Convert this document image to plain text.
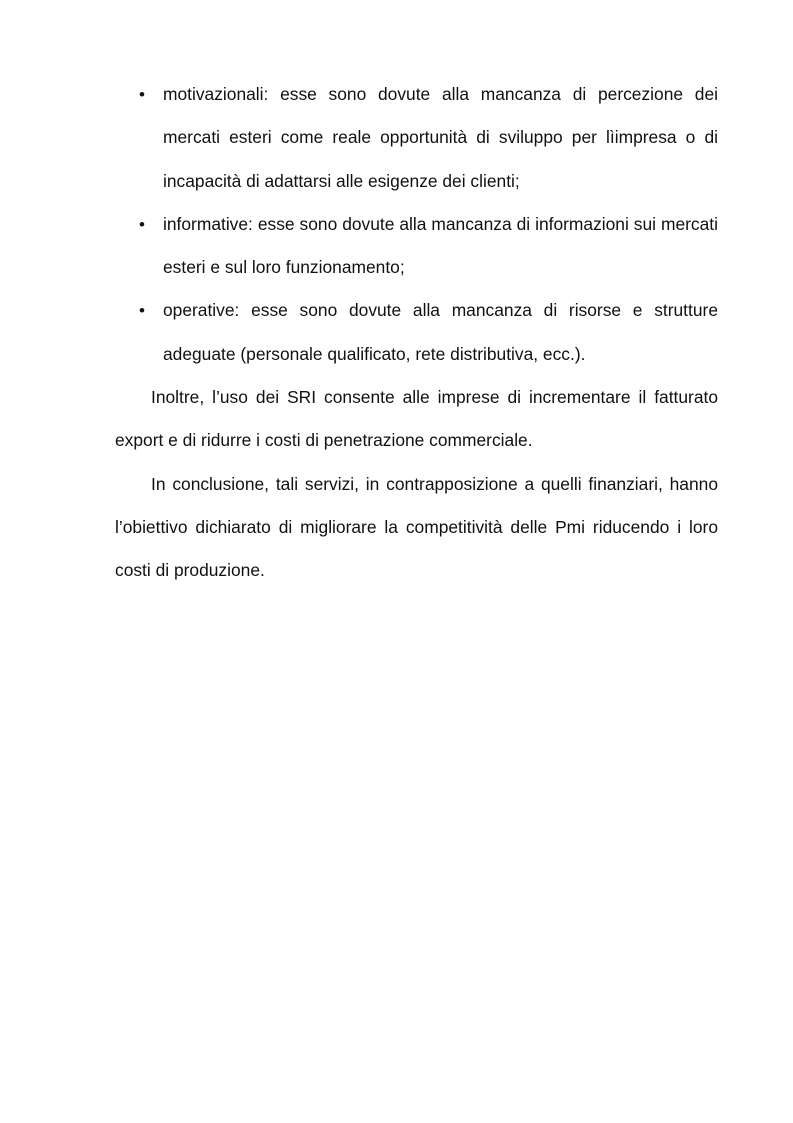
• motivazionali: esse sono dovute alla mancanza di percezione dei mercati esteri come reale opportunità di sviluppo per lìimpresa o di incapacità di adattarsi alle esigenze dei clienti;
• informative: esse sono dovute alla mancanza di informazioni sui mercati esteri e sul loro funzionamento;
• operative: esse sono dovute alla mancanza di risorse e strutture adeguate (personale qualificato, rete distributiva, ecc.).

Inoltre, l’uso dei SRI consente alle imprese di incrementare il fatturato export e di ridurre i costi di penetrazione commerciale.

In conclusione, tali servizi, in contrapposizione a quelli finanziari, hanno l’obiettivo dichiarato di migliorare la competitività delle Pmi riducendo i loro costi di produzione.
